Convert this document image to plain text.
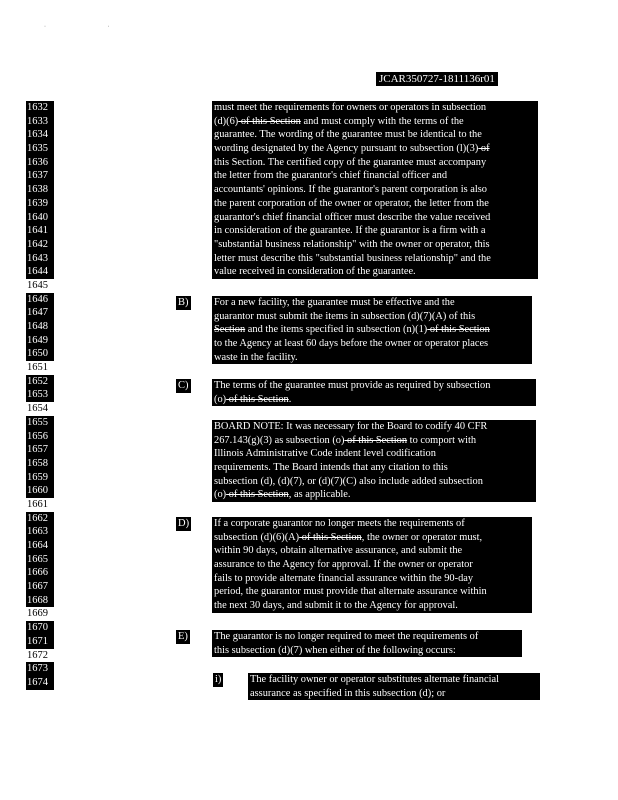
· ·
JCAR350727-1811136r01
1632
1633
1634
1635
1636
1637
1638
1639
1640
1641
1642
1643
1644
1645
1646
1647
1648
1649
1650
1651
1652
1653
1654
1655
1656
1657
1658
1659
1660
1661
1662
1663
1664
1665
1666
1667
1668
1669
1670
1671
1672
1673
1674
must meet the requirements for owners or operators in subsection
(d)(6) of this Section and must comply with the terms of the
guarantee. The wording of the guarantee must be identical to the
wording designated by the Agency pursuant to subsection (l)(3) of
this Section. The certified copy of the guarantee must accompany
the letter from the guarantor's chief financial officer and
accountants' opinions. If the guarantor's parent corporation is also
the parent corporation of the owner or operator, the letter from the
guarantor's chief financial officer must describe the value received
in consideration of the guarantee. If the guarantor is a firm with a
"substantial business relationship" with the owner or operator, this
letter must describe this "substantial business relationship" and the
value received in consideration of the guarantee.
B) For a new facility, the guarantee must be effective and the
guarantor must submit the items in subsection (d)(7)(A) of this
Section and the items specified in subsection (n)(1) of this Section
to the Agency at least 60 days before the owner or operator places
waste in the facility.
C) The terms of the guarantee must provide as required by subsection
(o) of this Section.
BOARD NOTE: It was necessary for the Board to codify 40 CFR
267.143(g)(3) as subsection (o) of this Section to comport with
Illinois Administrative Code indent level codification
requirements. The Board intends that any citation to this
subsection (d), (d)(7), or (d)(7)(C) also include added subsection
(o) of this Section, as applicable.
D) If a corporate guarantor no longer meets the requirements of
subsection (d)(6)(A) of this Section, the owner or operator must,
within 90 days, obtain alternative assurance, and submit the
assurance to the Agency for approval. If the owner or operator
fails to provide alternate financial assurance within the 90-day
period, the guarantor must provide that alternate assurance within
the next 30 days, and submit it to the Agency for approval.
E)	The guarantor is no longer required to meet the requirements of
this subsection (d)(7) when either of the following occurs:
i)	The facility owner or operator substitutes alternate financial
assurance as specified in this subsection (d); or
